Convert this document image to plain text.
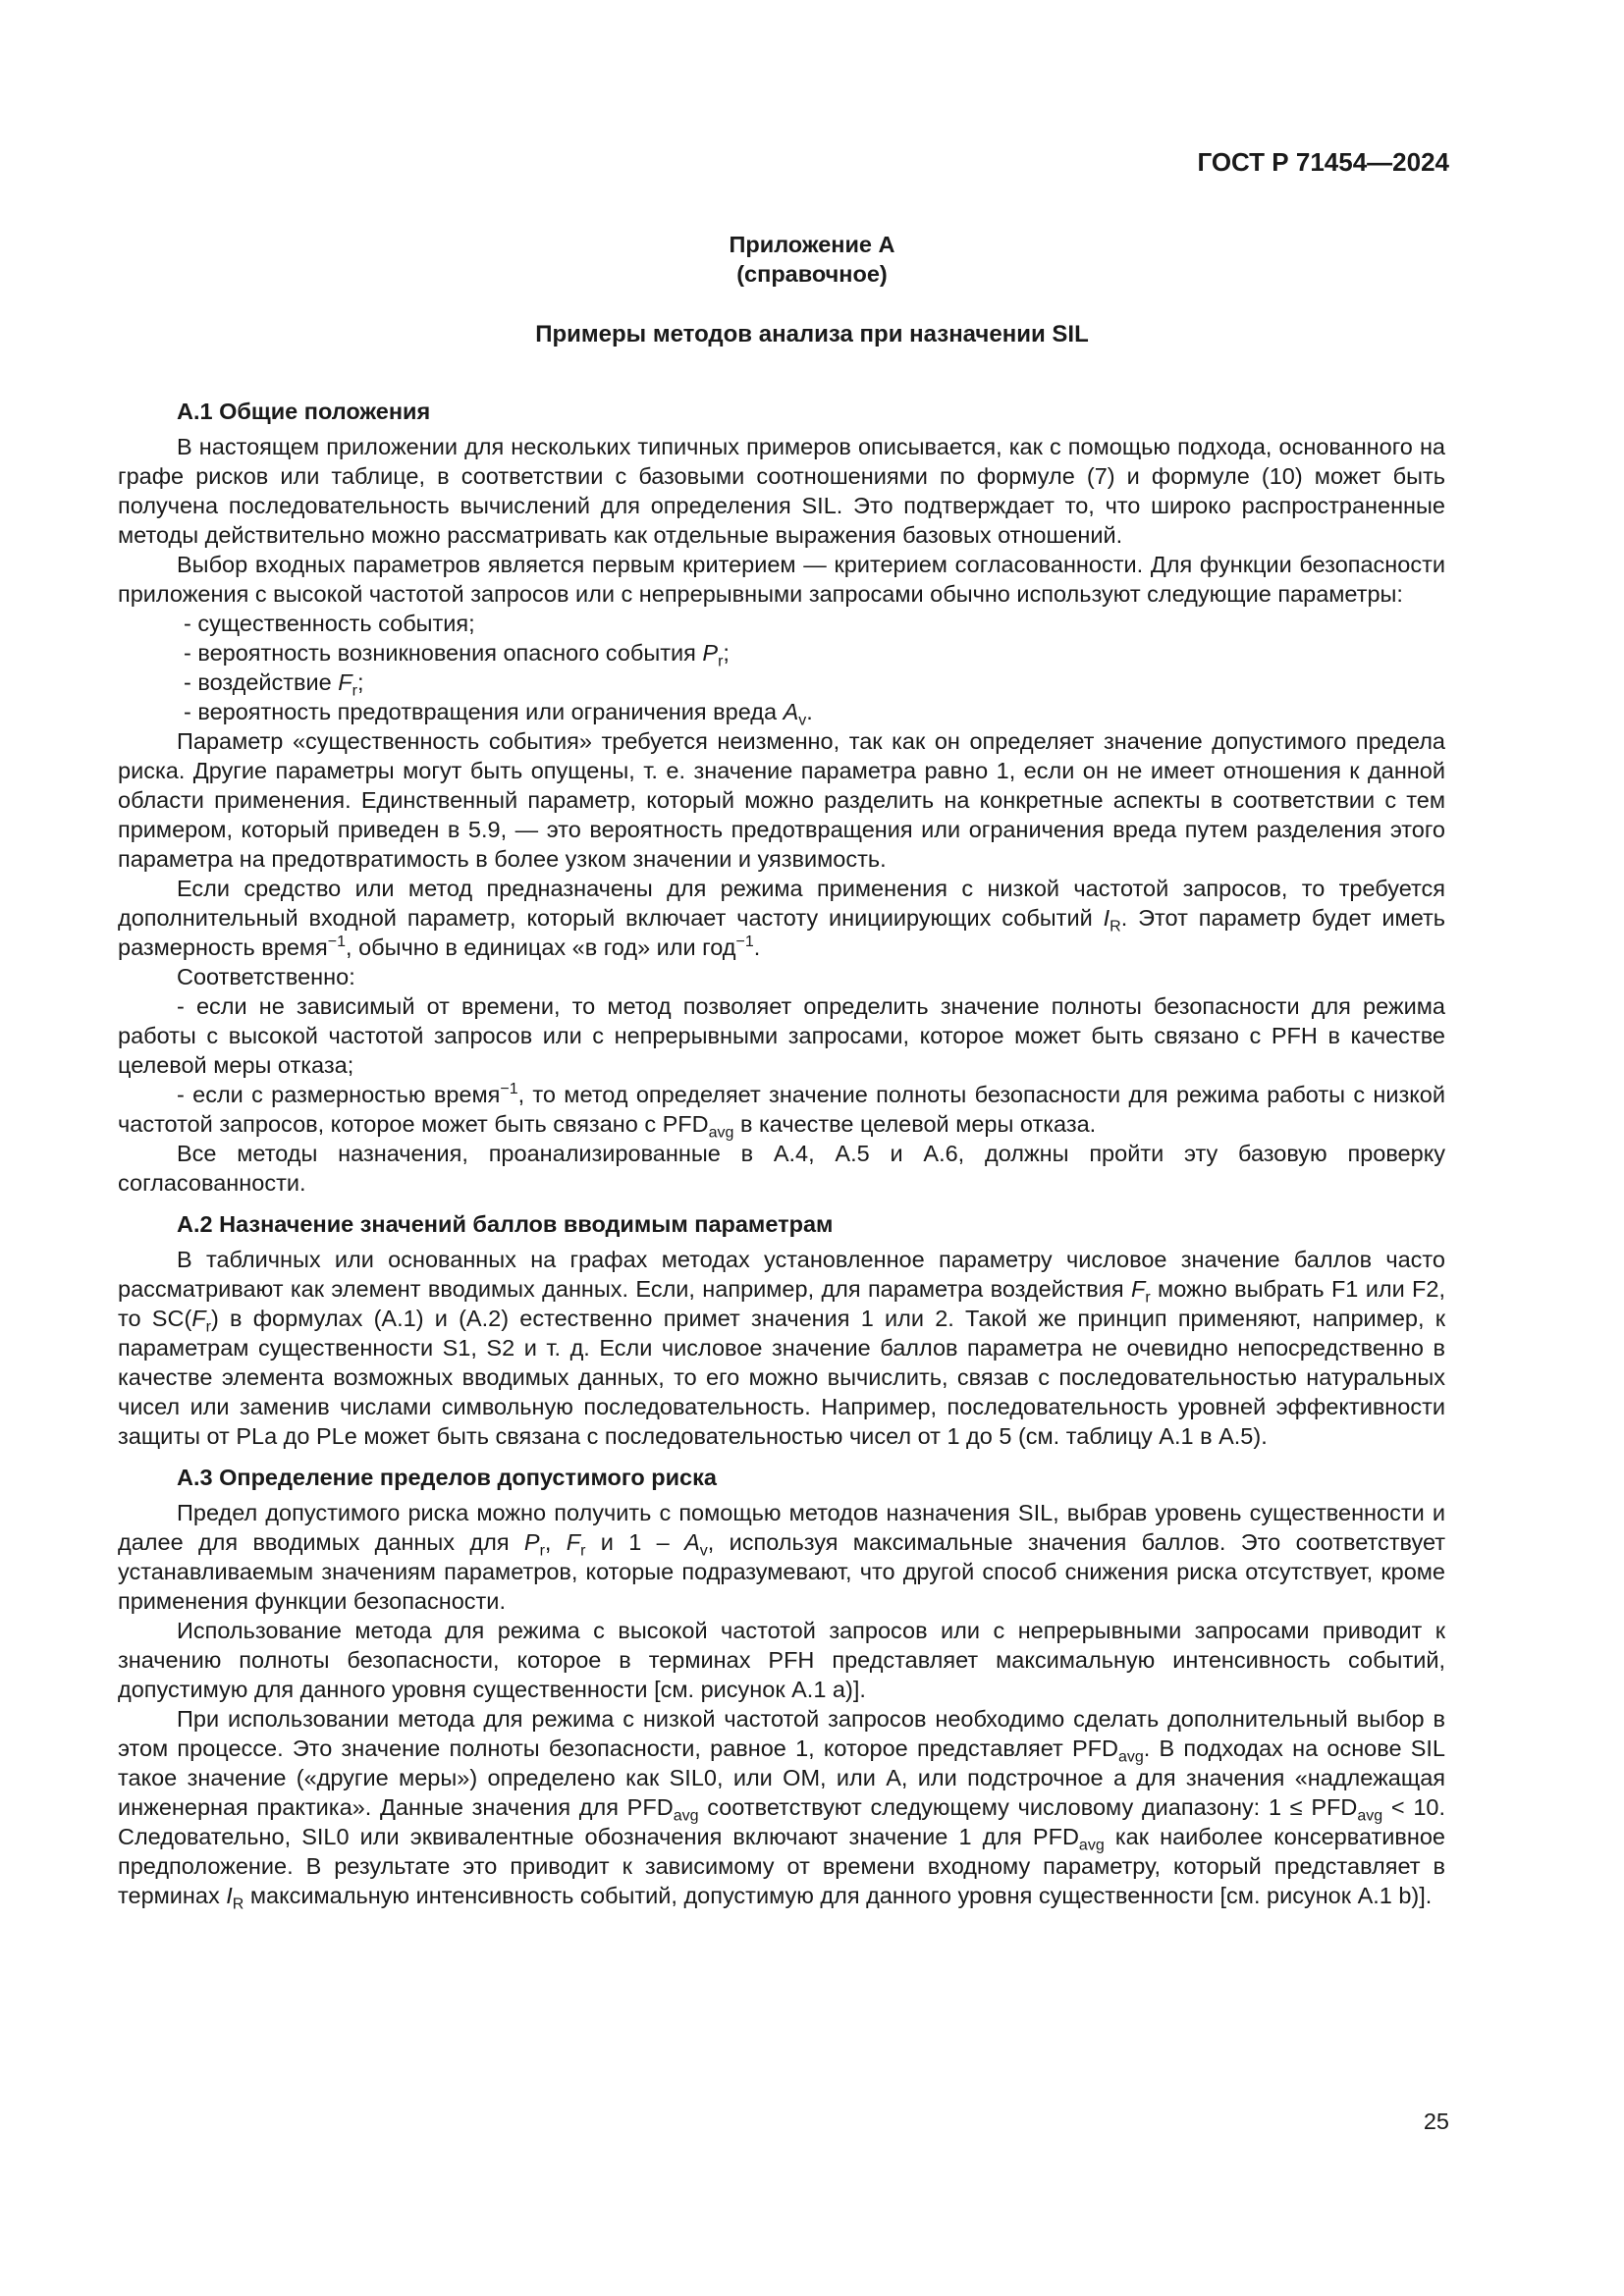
ГОСТ Р 71454—2024
Приложение А
(справочное)
Примеры методов анализа при назначении SIL
А.1 Общие положения

В настоящем приложении для нескольких типичных примеров описывается, как с помощью подхода, основанного на графе рисков или таблице, в соответствии с базовыми соотношениями по формуле (7) и формуле (10) может быть получена последовательность вычислений для определения SIL. Это подтверждает то, что широко распространенные методы действительно можно рассматривать как отдельные выражения базовых отношений.

Выбор входных параметров является первым критерием — критерием согласованности. Для функции безопасности приложения с высокой частотой запросов или с непрерывными запросами обычно используют следующие параметры:

- существенность события;
- вероятность возникновения опасного события $P_r$;
- воздействие $F_r$;
- вероятность предотвращения или ограничения вреда $A_v$.

Параметр «существенность события» требуется неизменно, так как он определяет значение допустимого предела риска. Другие параметры могут быть опущены, т. е. значение параметра равно 1, если он не имеет отношения к данной области применения. Единственный параметр, который можно разделить на конкретные аспекты в соответствии с тем примером, который приведен в 5.9, — это вероятность предотвращения или ограничения вреда путем разделения этого параметра на предотвратимость в более узком значении и уязвимость.

Если средство или метод предназначены для режима применения с низкой частотой запросов, то требуется дополнительный входной параметр, который включает частоту инициирующих событий $I_R$. Этот параметр будет иметь размерность время$^{-1}$, обычно в единицах «в год» или год$^{-1}$.

Соответственно:

- если не зависимый от времени, то метод позволяет определить значение полноты безопасности для режима работы с высокой частотой запросов или с непрерывными запросами, которое может быть связано с PFH в качестве целевой меры отказа;

- если с размерностью время$^{-1}$, то метод определяет значение полноты безопасности для режима работы с низкой частотой запросов, которое может быть связано с $PFD_{avg}$ в качестве целевой меры отказа.

Все методы назначения, проанализированные в А.4, А.5 и А.6, должны пройти эту базовую проверку согласованности.

А.2 Назначение значений баллов вводимым параметрам

В табличных или основанных на графах методах установленное параметру числовое значение баллов часто рассматривают как элемент вводимых данных. Если, например, для параметра воздействия $F_r$ можно выбрать F1 или F2, то $SC(F_r)$ в формулах (А.1) и (А.2) естественно примет значения 1 или 2. Такой же принцип применяют, например, к параметрам существенности S1, S2 и т. д. Если числовое значение баллов параметра не очевидно непосредственно в качестве элемента возможных вводимых данных, то его можно вычислить, связав с последовательностью натуральных чисел или заменив числами символьную последовательность. Например, последовательность уровней эффективности защиты от PLa до PLe может быть связана с последовательностью чисел от 1 до 5 (см. таблицу А.1 в А.5).

А.3 Определение пределов допустимого риска

Предел допустимого риска можно получить с помощью методов назначения SIL, выбрав уровень существенности и далее для вводимых данных для $P_r$, $F_r$ и $1 - A_v$, используя максимальные значения баллов. Это соответствует устанавливаемым значениям параметров, которые подразумевают, что другой способ снижения риска отсутствует, кроме применения функции безопасности.

Использование метода для режима с высокой частотой запросов или с непрерывными запросами приводит к значению полноты безопасности, которое в терминах PFH представляет максимальную интенсивность событий, допустимую для данного уровня существенности [см. рисунок А.1 а)].

При использовании метода для режима с низкой частотой запросов необходимо сделать дополнительный выбор в этом процессе. Это значение полноты безопасности, равное 1, которое представляет $PFD_{avg}$. В подходах на основе SIL такое значение («другие меры») определено как SIL0, или ОМ, или А, или подстрочное а для значения «надлежащая инженерная практика». Данные значения для $PFD_{avg}$ соответствуют следующему числовому диапазону: $1 \le PFD_{avg} < 10$. Следовательно, SIL0 или эквивалентные обозначения включают значение 1 для $PFD_{avg}$ как наиболее консервативное предположение. В результате это приводит к зависимому от времени входному параметру, который представляет в терминах $I_R$ максимальную интенсивность событий, допустимую для данного уровня существенности [см. рисунок А.1 b)].

25
